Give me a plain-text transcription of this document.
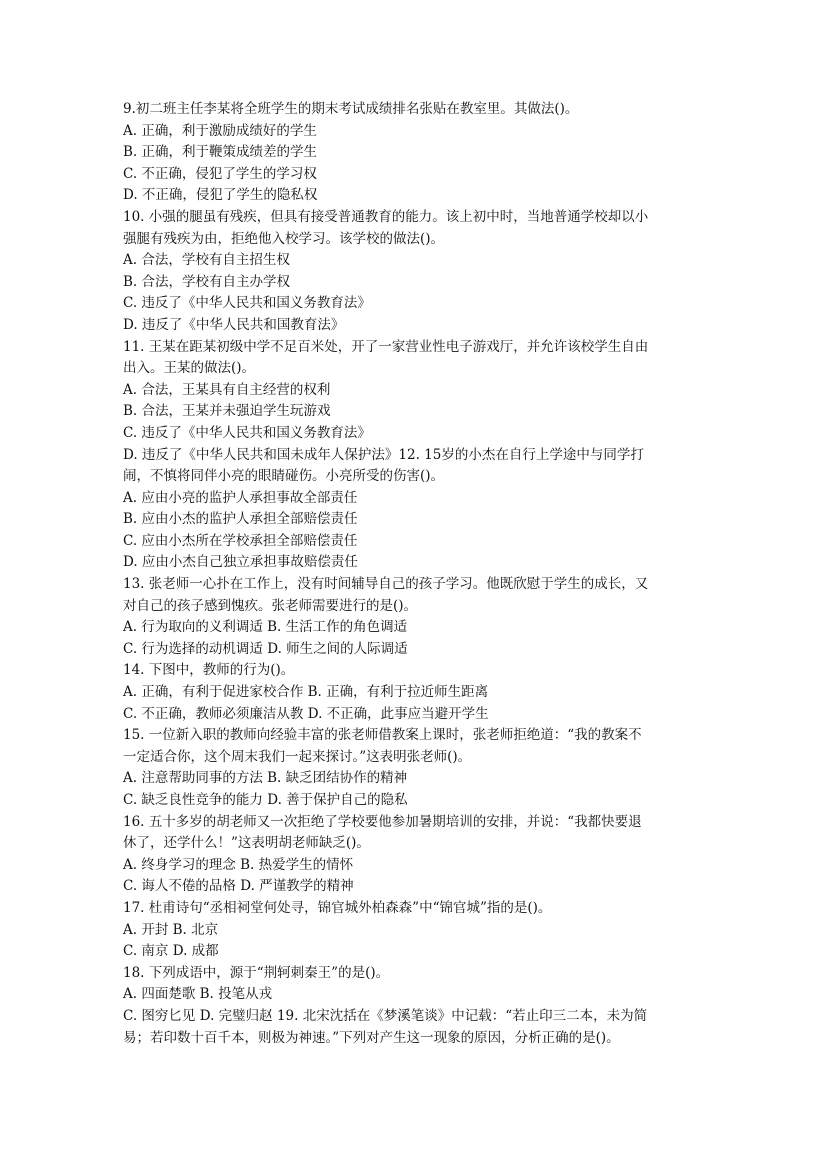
9.初二班主任李某将全班学生的期末考试成绩排名张贴在教室里。其做法()。
A. 正确，利于激励成绩好的学生
B. 正确，利于鞭策成绩差的学生
C. 不正确，侵犯了学生的学习权
D. 不正确，侵犯了学生的隐私权
10. 小强的腿虽有残疾，但具有接受普通教育的能力。该上初中时，当地普通学校却以小
强腿有残疾为由，拒绝他入校学习。该学校的做法()。
A. 合法，学校有自主招生权
B. 合法，学校有自主办学权
C. 违反了《中华人民共和国义务教育法》
D. 违反了《中华人民共和国教育法》
11. 王某在距某初级中学不足百米处，开了一家营业性电子游戏厅，并允许该校学生自由
出入。王某的做法()。
A. 合法，王某具有自主经营的权利
B. 合法，王某并未强迫学生玩游戏
C. 违反了《中华人民共和国义务教育法》
D. 违反了《中华人民共和国未成年人保护法》12. 15岁的小杰在自行上学途中与同学打
闹，不慎将同伴小亮的眼睛碰伤。小亮所受的伤害()。
A. 应由小亮的监护人承担事故全部责任
B. 应由小杰的监护人承担全部赔偿责任
C. 应由小杰所在学校承担全部赔偿责任
D. 应由小杰自己独立承担事故赔偿责任
13. 张老师一心扑在工作上，没有时间辅导自己的孩子学习。他既欣慰于学生的成长，又
对自己的孩子感到愧疚。张老师需要进行的是()。
A. 行为取向的义利调适 B. 生活工作的角色调适
C. 行为选择的动机调适 D. 师生之间的人际调适
14. 下图中，教师的行为()。
A. 正确，有利于促进家校合作 B. 正确，有利于拉近师生距离
C. 不正确，教师必须廉洁从教 D. 不正确，此事应当避开学生
15. 一位新入职的教师向经验丰富的张老师借教案上课时，张老师拒绝道：“我的教案不
一定适合你，这个周末我们一起来探讨。”这表明张老师()。
A. 注意帮助同事的方法 B. 缺乏团结协作的精神
C. 缺乏良性竞争的能力 D. 善于保护自己的隐私
16. 五十多岁的胡老师又一次拒绝了学校要他参加暑期培训的安排，并说：“我都快要退
休了，还学什么！”这表明胡老师缺乏()。
A. 终身学习的理念 B. 热爱学生的情怀
C. 诲人不倦的品格 D. 严谨教学的精神
17. 杜甫诗句“丞相祠堂何处寻，锦官城外柏森森”中“锦官城”指的是()。
A. 开封 B. 北京
C. 南京 D. 成都
18. 下列成语中，源于“荆轲刺秦王”的是()。
A. 四面楚歌 B. 投笔从戎
C. 图穷匕见 D. 完璧归赵 19. 北宋沈括在《梦溪笔谈》中记载：“若止印三二本，未为简
易；若印数十百千本，则极为神速。”下列对产生这一现象的原因，分析正确的是()。
